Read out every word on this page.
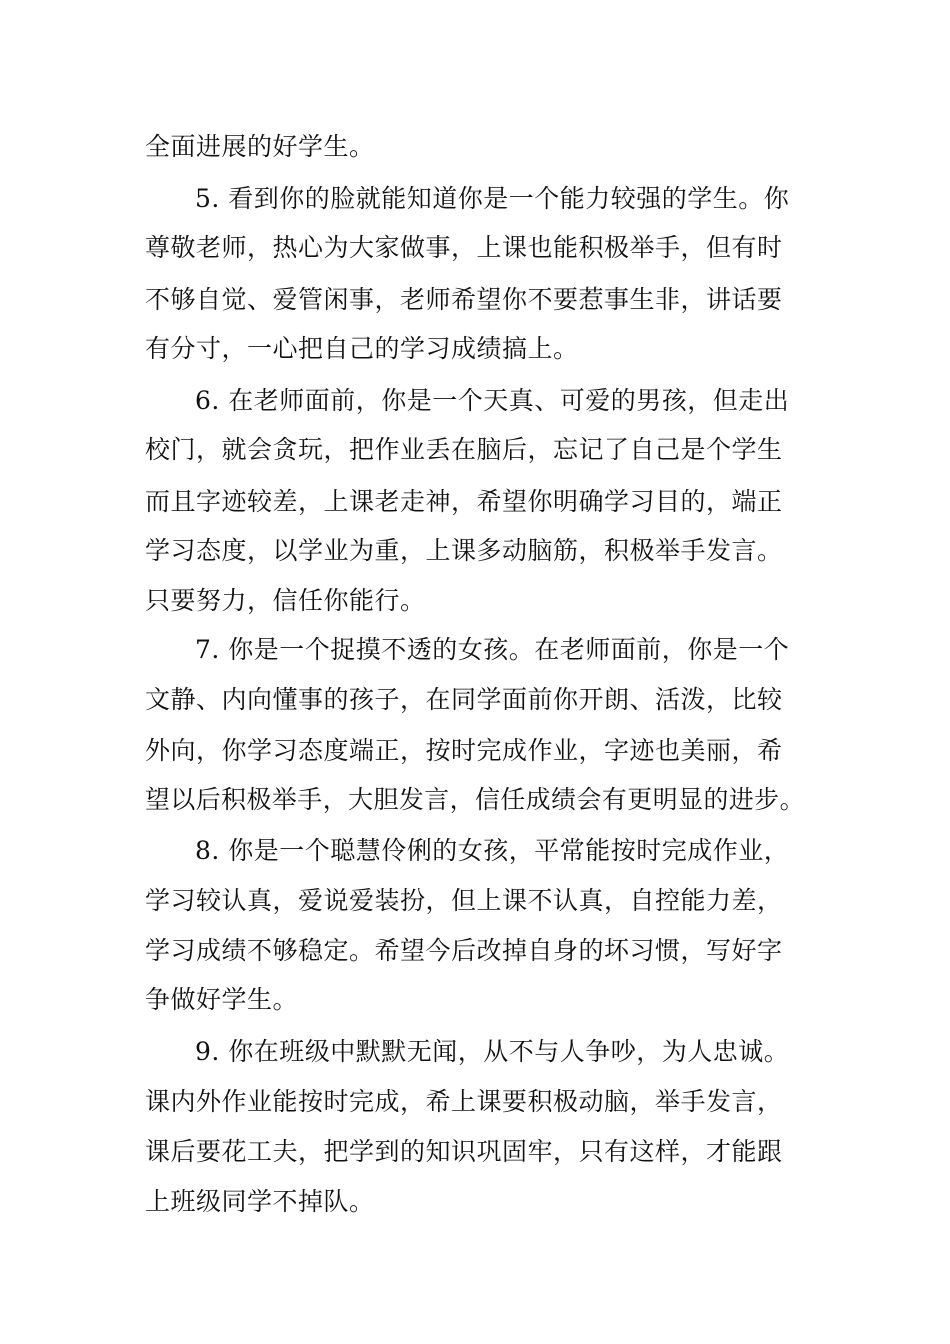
全面进展的好学生。
5. 看到你的脸就能知道你是一个能力较强的学生。你
尊敬老师，热心为大家做事，上课也能积极举手，但有时
不够自觉、爱管闲事，老师希望你不要惹事生非，讲话要
有分寸，一心把自己的学习成绩搞上。
6. 在老师面前，你是一个天真、可爱的男孩，但走出
校门，就会贪玩，把作业丢在脑后，忘记了自己是个学生
而且字迹较差，上课老走神，希望你明确学习目的，端正
学习态度，以学业为重，上课多动脑筋，积极举手发言。
只要努力，信任你能行。
7. 你是一个捉摸不透的女孩。在老师面前，你是一个
文静、内向懂事的孩子，在同学面前你开朗、活泼，比较
外向，你学习态度端正，按时完成作业，字迹也美丽，希
望以后积极举手，大胆发言，信任成绩会有更明显的进步。
8. 你是一个聪慧伶俐的女孩，平常能按时完成作业，
学习较认真，爱说爱装扮，但上课不认真，自控能力差，
学习成绩不够稳定。希望今后改掉自身的坏习惯，写好字
争做好学生。
9. 你在班级中默默无闻，从不与人争吵，为人忠诚。
课内外作业能按时完成，希上课要积极动脑，举手发言，
课后要花工夫，把学到的知识巩固牢，只有这样，才能跟
上班级同学不掉队。
